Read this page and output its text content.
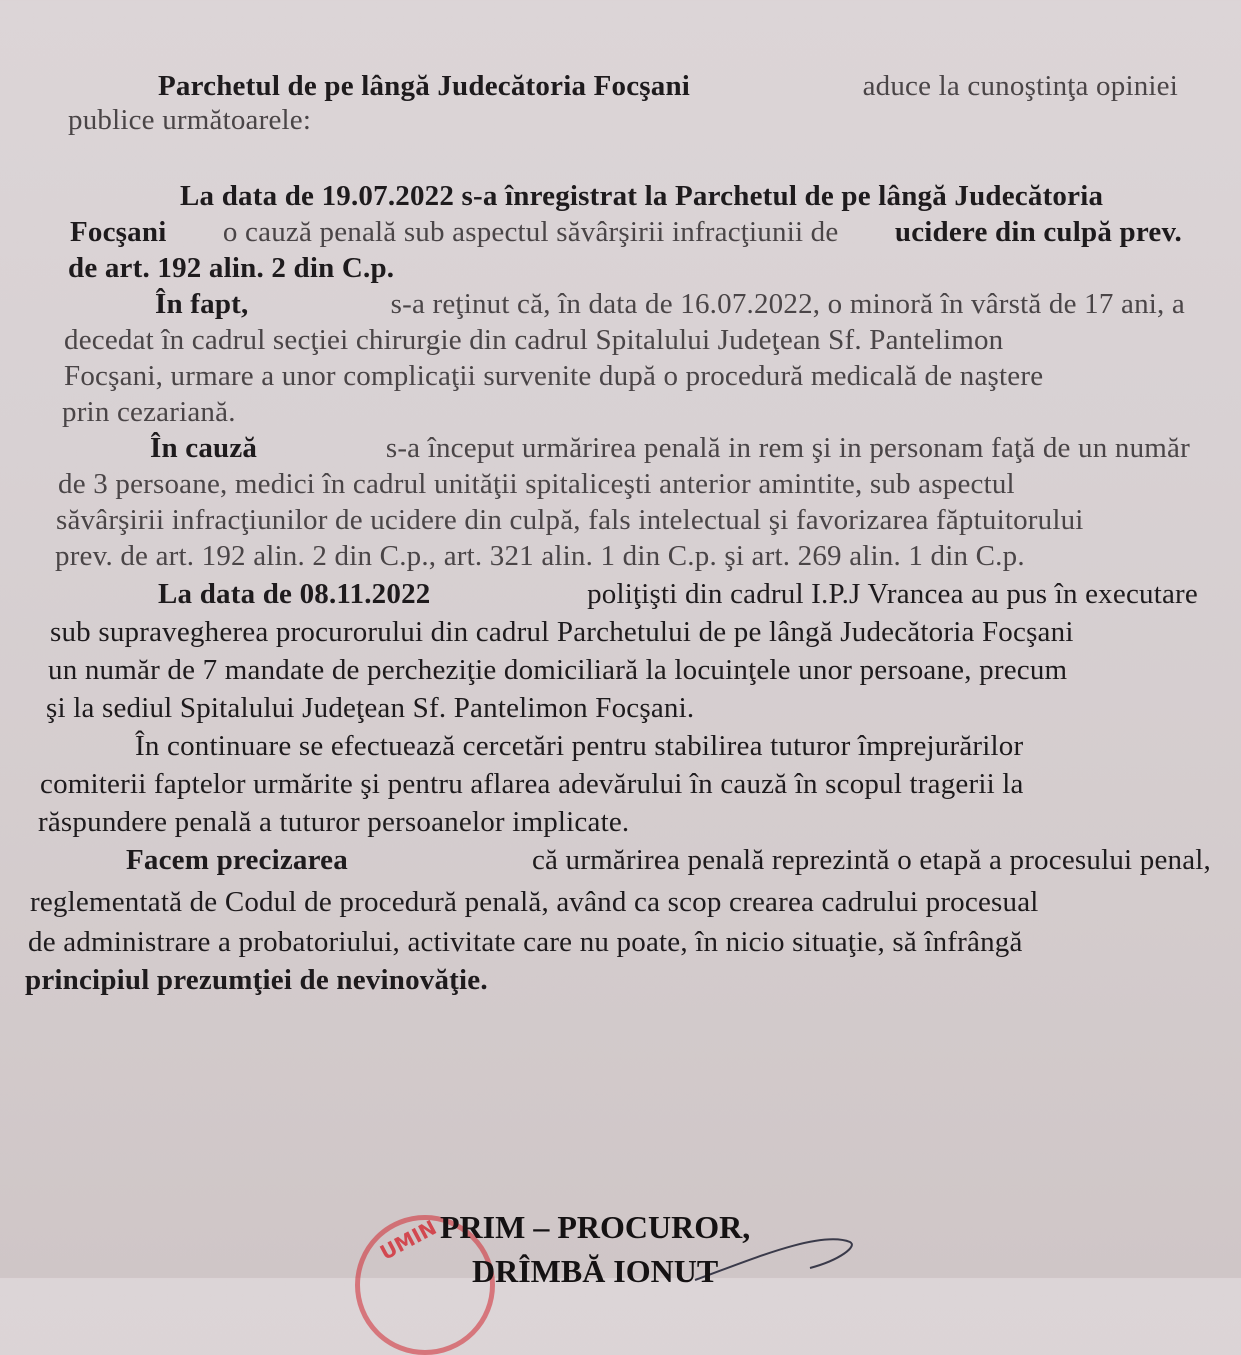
Parchetul de pe lângă Judecătoria Focşani	aduce la cunoştinţa opiniei
publice următoarele:
La data de 19.07.2022 s-a înregistrat la Parchetul de pe lângă Judecătoria
Focşani o cauză penală sub aspectul săvârşirii infracţiunii de ucidere din culpă prev.
de art. 192 alin. 2 din C.p.
În fapt,	s-a reţinut că, în data de 16.07.2022, o minoră în vârstă de 17 ani, a
decedat în cadrul secţiei chirurgie din cadrul Spitalului Judeţean Sf. Pantelimon
Focşani, urmare a unor complicaţii survenite după o procedură medicală de naştere
prin cezariană.
În cauză	s-a început urmărirea penală in rem şi in personam faţă de un număr
de 3 persoane, medici în cadrul unităţii spitaliceşti anterior amintite, sub aspectul
săvârşirii infracţiunilor de ucidere din culpă, fals intelectual şi favorizarea făptuitorului
prev. de art. 192 alin. 2 din C.p., art. 321 alin. 1 din C.p. şi art. 269 alin. 1 din C.p.
La data de 08.11.2022	poliţişti din cadrul I.P.J Vrancea au pus în executare
sub supravegherea procurorului din cadrul Parchetului de pe lângă Judecătoria Focşani
un număr de 7 mandate de percheziţie domiciliară la locuinţele unor persoane, precum
şi la sediul Spitalului Judeţean Sf. Pantelimon Focşani.
În continuare se efectuează cercetări pentru stabilirea tuturor împrejurărilor
comiterii faptelor urmărite şi pentru aflarea adevărului în cauză în scopul tragerii la
răspundere penală a tuturor persoanelor implicate.
Facem precizarea	că urmărirea penală reprezintă o etapă a procesului penal,
reglementată de Codul de procedură penală, având ca scop crearea cadrului procesual
de administrare a probatoriului, activitate care nu poate, în nicio situaţie, să înfrângă
principiul prezumţiei de nevinovăţie.
UMIN PRIM – PROCUROR,
DRÎMBĂ IONUT
